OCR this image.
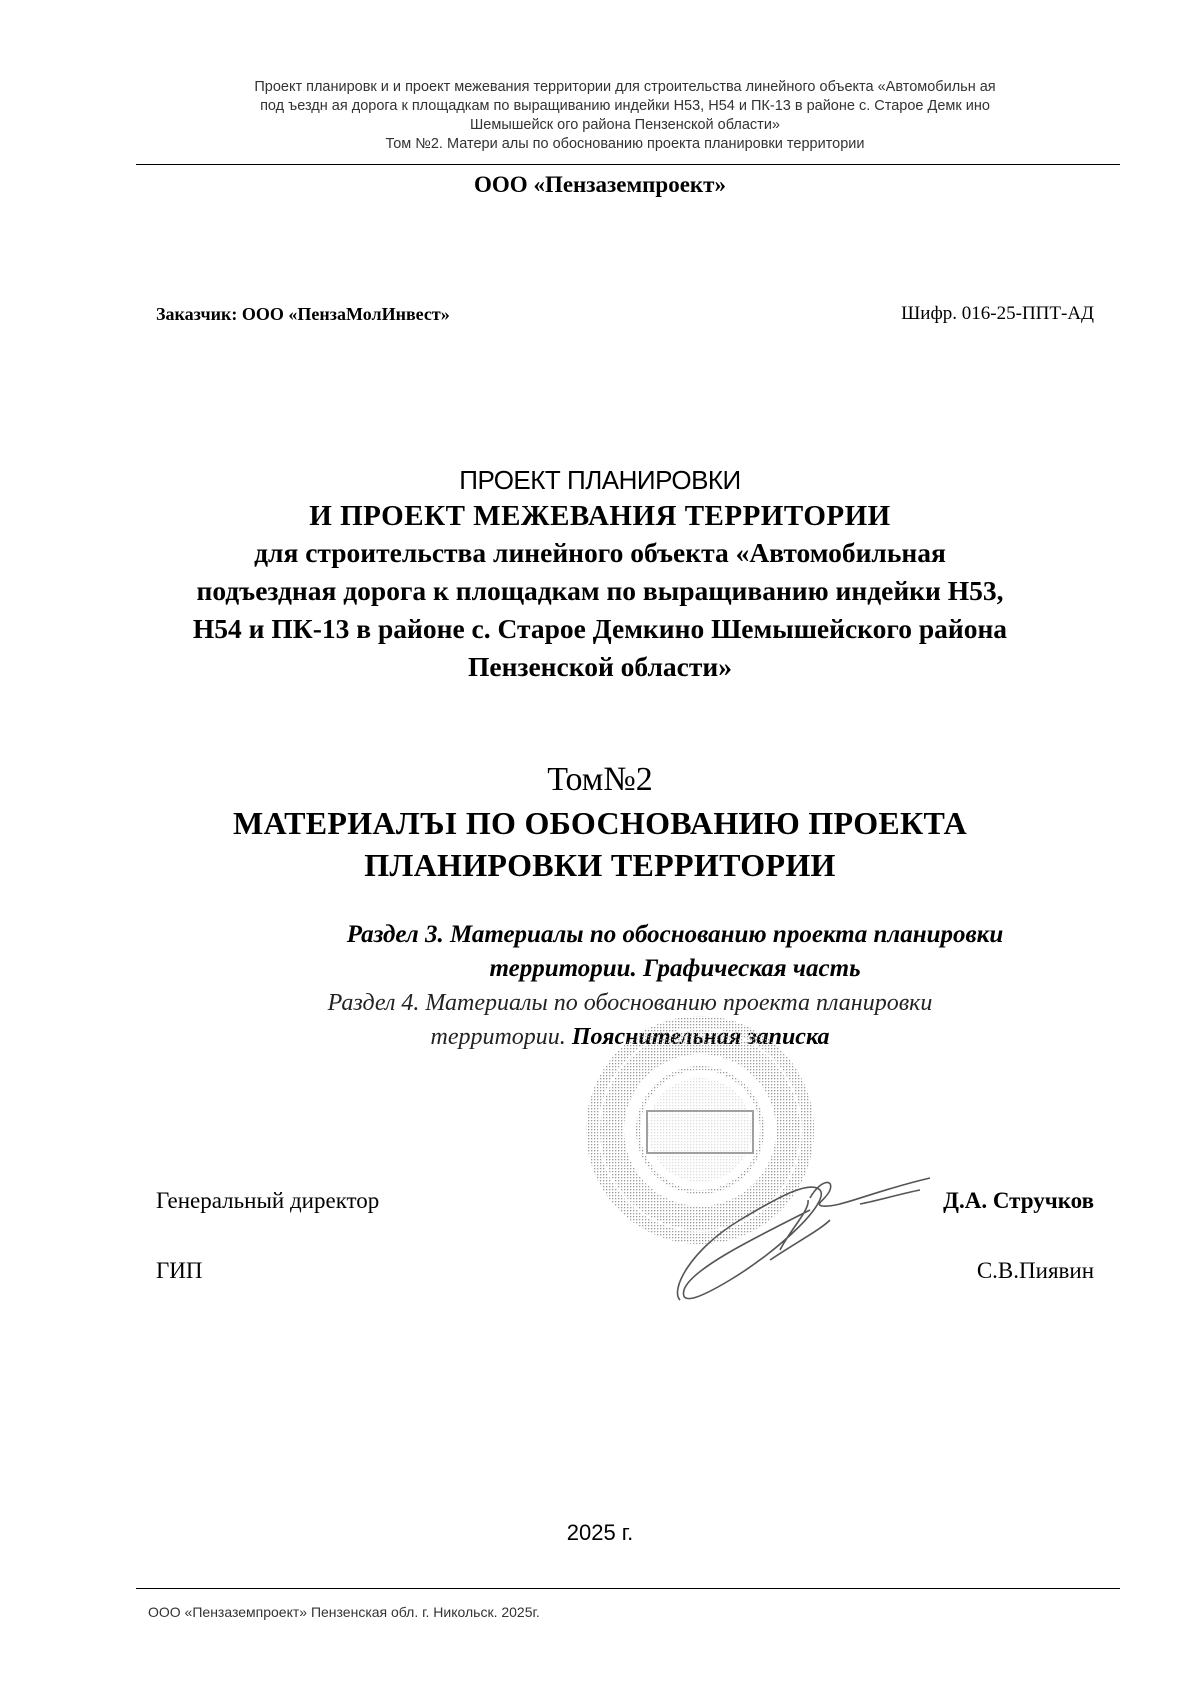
Проект планировк и и проект межевания территории для строительства линейного объекта «Автомобильн ая
под ъездн ая дорога к площадкам по выращиванию индейки Н53, Н54 и ПК-13 в районе с. Старое Демк ино
Шемышейск ого района Пензенской области»
Том №2. Матери алы по обоснованию проекта планировки территории
ООО «Пензаземпроект»
Заказчик: ООО «ПензаМолИнвест»	Шифр. 016-25-ППТ-АД
ПРОЕКТ ПЛАНИРОВКИ
И ПРОЕКТ МЕЖЕВАНИЯ ТЕРРИТОРИИ
для строительства линейного объекта «Автомобильная
подъездная дорога к площадкам по выращиванию индейки Н53,
Н54 и ПК-13 в районе с. Старое Демкино Шемышейского района
Пензенской области»
Том№2
МАТЕРИАЛЪI ПО ОБОСНОВАНИЮ ПРОЕКТА
ПЛАНИРОВКИ ТЕРРИТОРИИ
Раздел 3. Материалы по обоснованию проекта планировки
территории. Графическая часть
Раздел 4. Материалы по обоснованию проекта планировки
территории. Пояснительная записка
Генеральный директор	Д.А. Стручков
ГИП	С.В.Пиявин
2025 г.
ООО «Пензаземпроект» Пензенская обл. г. Никольск. 2025г.
